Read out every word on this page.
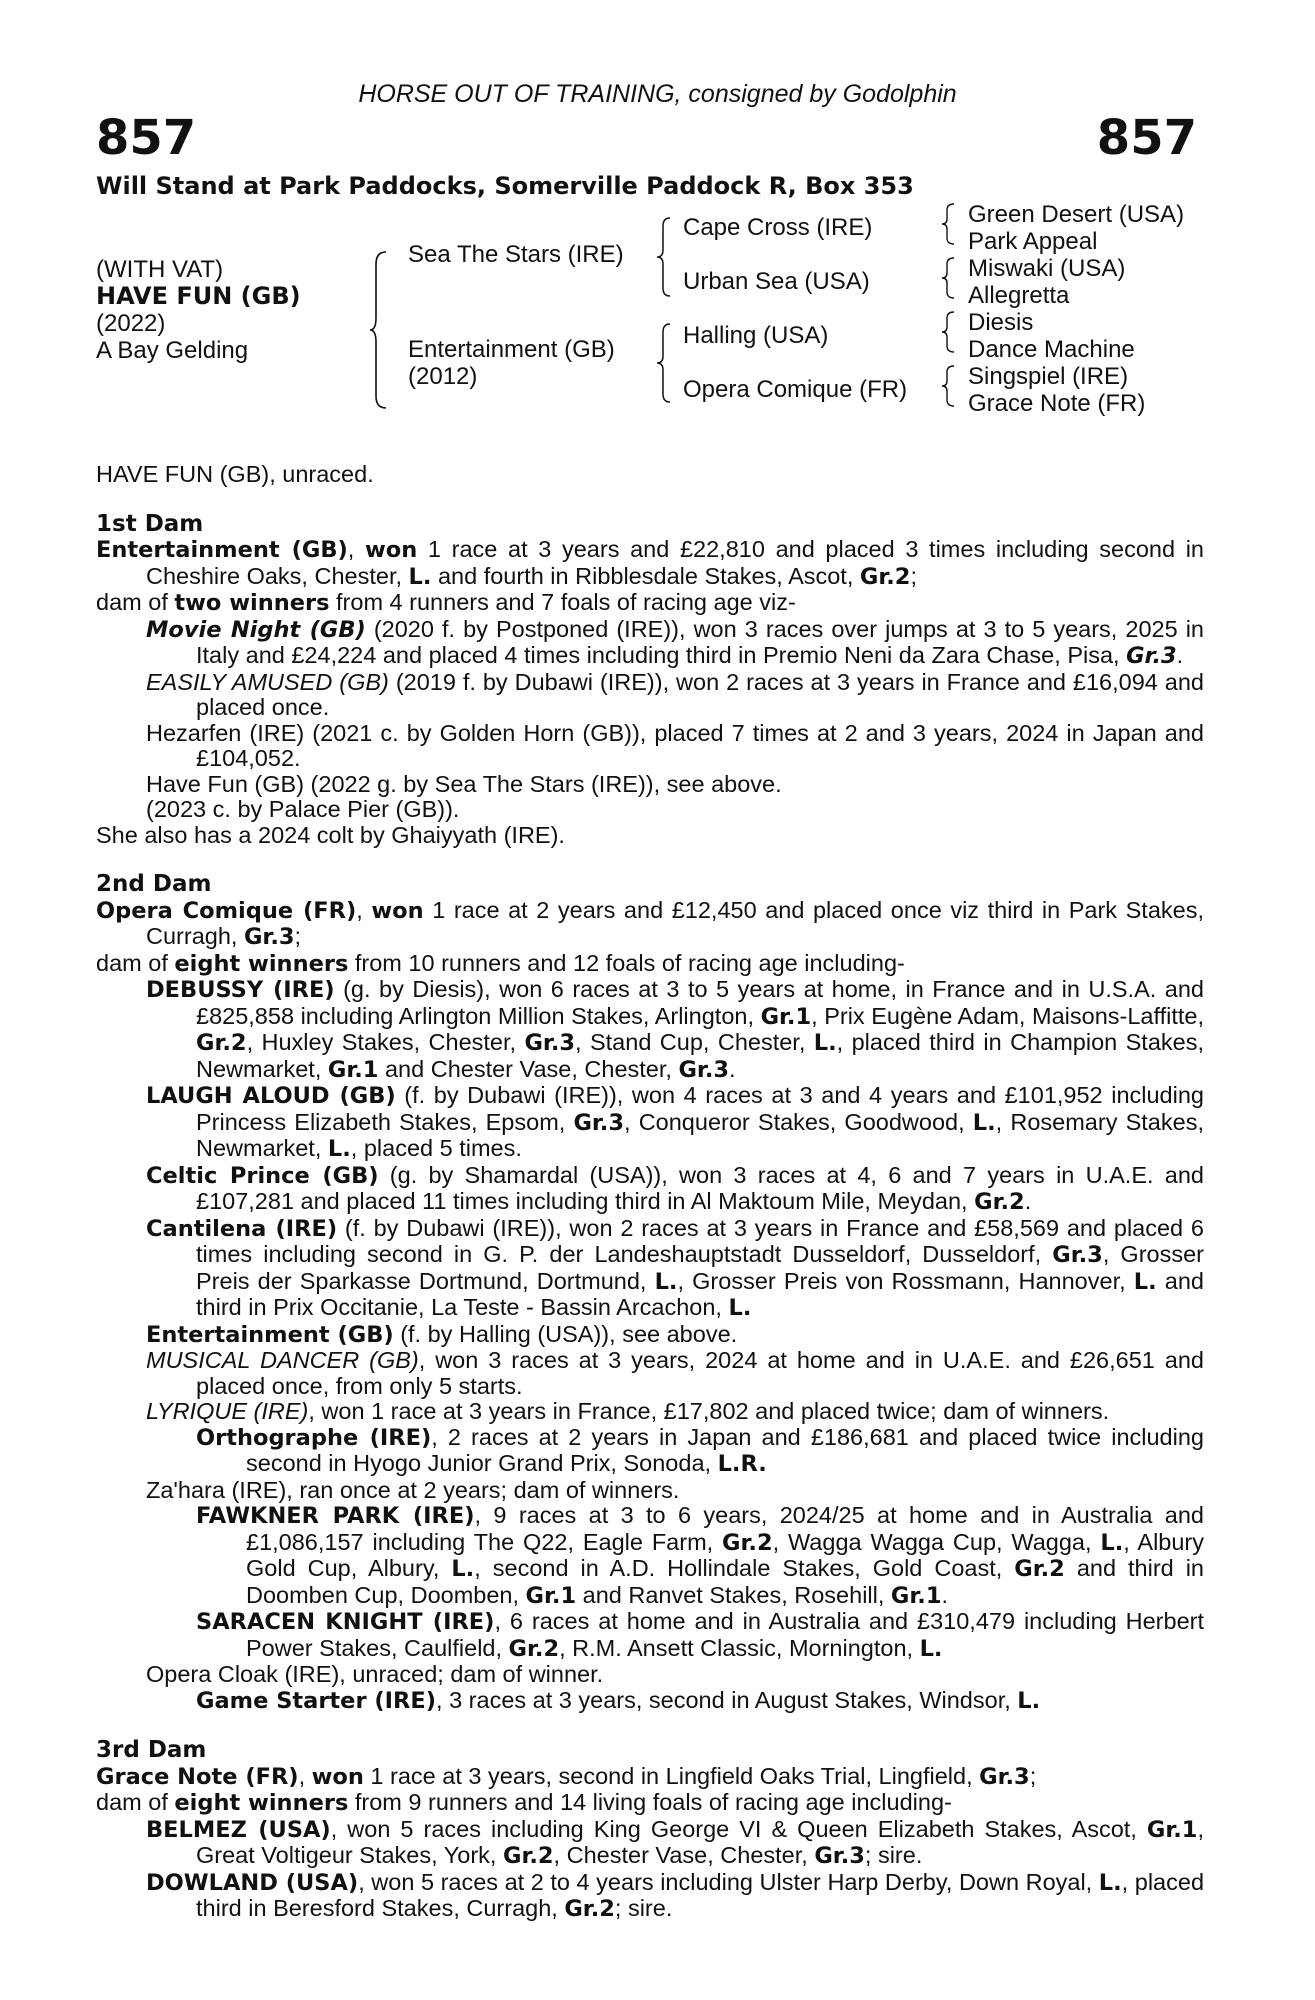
HORSE OUT OF TRAINING, consigned by Godolphin
857	857
Will Stand at Park Paddocks, Somerville Paddock R, Box 353
(WITH VAT)
HAVE FUN (GB)
(2022)
A Bay Gelding
Sea The Stars (IRE)
Entertainment (GB)
(2012)
Cape Cross (IRE)
Urban Sea (USA)
Halling (USA)
Opera Comique (FR)
Green Desert (USA)
Park Appeal
Miswaki (USA)
Allegretta
Diesis
Dance Machine
Singspiel (IRE)
Grace Note (FR)

HAVE FUN (GB), unraced.

1st Dam

Entertainment (GB), won 1 race at 3 years and £22,810 and placed 3 times including second in Cheshire Oaks, Chester, L. and fourth in Ribblesdale Stakes, Ascot, Gr.2;

dam of two winners from 4 runners and 7 foals of racing age viz-

Movie Night (GB) (2020 f. by Postponed (IRE)), won 3 races over jumps at 3 to 5 years, 2025 in Italy and £24,224 and placed 4 times including third in Premio Neni da Zara Chase, Pisa, Gr.3.

EASILY AMUSED (GB) (2019 f. by Dubawi (IRE)), won 2 races at 3 years in France and £16,094 and placed once.

Hezarfen (IRE) (2021 c. by Golden Horn (GB)), placed 7 times at 2 and 3 years, 2024 in Japan and £104,052.

Have Fun (GB) (2022 g. by Sea The Stars (IRE)), see above.

(2023 c. by Palace Pier (GB)).

She also has a 2024 colt by Ghaiyyath (IRE).

2nd Dam

Opera Comique (FR), won 1 race at 2 years and £12,450 and placed once viz third in Park Stakes, Curragh, Gr.3;

dam of eight winners from 10 runners and 12 foals of racing age including-

DEBUSSY (IRE) (g. by Diesis), won 6 races at 3 to 5 years at home, in France and in U.S.A. and £825,858 including Arlington Million Stakes, Arlington, Gr.1, Prix Eugène Adam, Maisons-Laffitte, Gr.2, Huxley Stakes, Chester, Gr.3, Stand Cup, Chester, L., placed third in Champion Stakes, Newmarket, Gr.1 and Chester Vase, Chester, Gr.3.

LAUGH ALOUD (GB) (f. by Dubawi (IRE)), won 4 races at 3 and 4 years and £101,952 including Princess Elizabeth Stakes, Epsom, Gr.3, Conqueror Stakes, Goodwood, L., Rosemary Stakes, Newmarket, L., placed 5 times.

Celtic Prince (GB) (g. by Shamardal (USA)), won 3 races at 4, 6 and 7 years in U.A.E. and £107,281 and placed 11 times including third in Al Maktoum Mile, Meydan, Gr.2.

Cantilena (IRE) (f. by Dubawi (IRE)), won 2 races at 3 years in France and £58,569 and placed 6 times including second in G. P. der Landeshauptstadt Dusseldorf, Dusseldorf, Gr.3, Grosser Preis der Sparkasse Dortmund, Dortmund, L., Grosser Preis von Rossmann, Hannover, L. and third in Prix Occitanie, La Teste - Bassin Arcachon, L.

Entertainment (GB) (f. by Halling (USA)), see above.

MUSICAL DANCER (GB), won 3 races at 3 years, 2024 at home and in U.A.E. and £26,651 and placed once, from only 5 starts.

LYRIQUE (IRE), won 1 race at 3 years in France, £17,802 and placed twice; dam of winners.

Orthographe (IRE), 2 races at 2 years in Japan and £186,681 and placed twice including second in Hyogo Junior Grand Prix, Sonoda, L.R.

Za'hara (IRE), ran once at 2 years; dam of winners.

FAWKNER PARK (IRE), 9 races at 3 to 6 years, 2024/25 at home and in Australia and £1,086,157 including The Q22, Eagle Farm, Gr.2, Wagga Wagga Cup, Wagga, L., Albury Gold Cup, Albury, L., second in A.D. Hollindale Stakes, Gold Coast, Gr.2 and third in Doomben Cup, Doomben, Gr.1 and Ranvet Stakes, Rosehill, Gr.1.

SARACEN KNIGHT (IRE), 6 races at home and in Australia and £310,479 including Herbert Power Stakes, Caulfield, Gr.2, R.M. Ansett Classic, Mornington, L.

Opera Cloak (IRE), unraced; dam of winner.

Game Starter (IRE), 3 races at 3 years, second in August Stakes, Windsor, L.

3rd Dam

Grace Note (FR), won 1 race at 3 years, second in Lingfield Oaks Trial, Lingfield, Gr.3;

dam of eight winners from 9 runners and 14 living foals of racing age including-

BELMEZ (USA), won 5 races including King George VI & Queen Elizabeth Stakes, Ascot, Gr.1, Great Voltigeur Stakes, York, Gr.2, Chester Vase, Chester, Gr.3; sire.

DOWLAND (USA), won 5 races at 2 to 4 years including Ulster Harp Derby, Down Royal, L., placed third in Beresford Stakes, Curragh, Gr.2; sire.
